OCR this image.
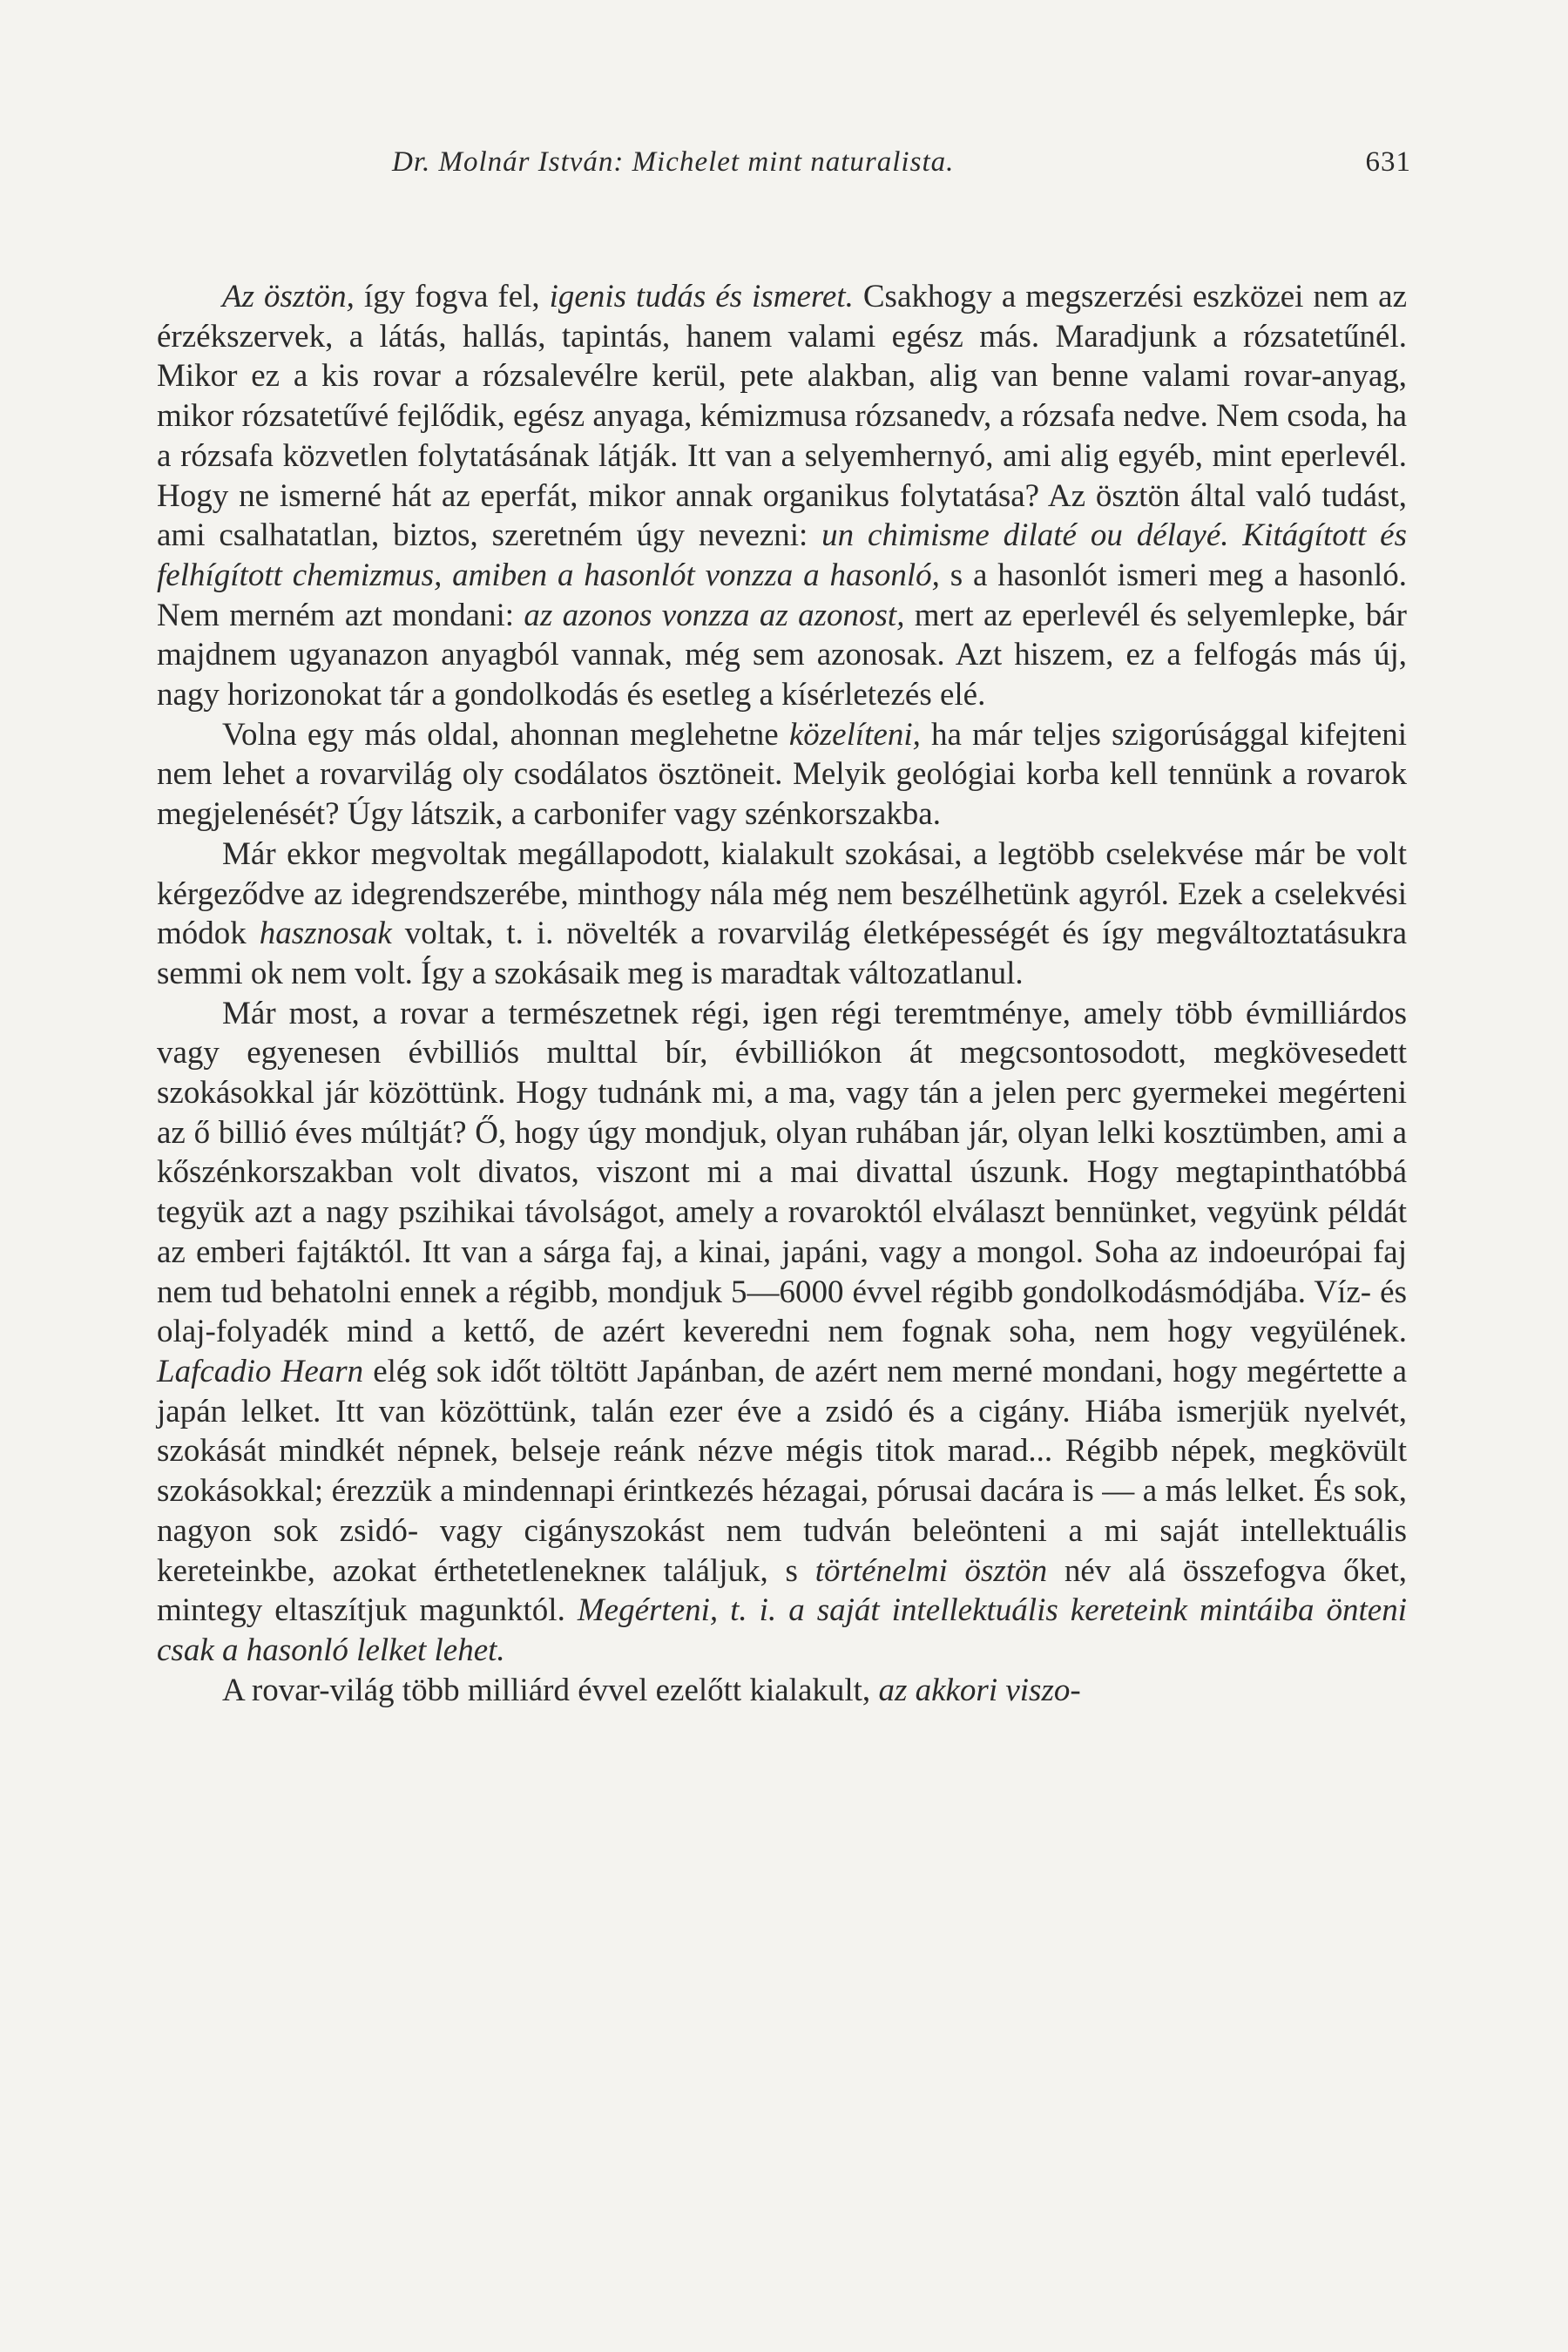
Dr. Molnár István: Michelet mint naturalista.	631

Az ösztön, így fogva fel, igenis tudás és ismeret. Csakhogy a megszerzési eszközei nem az érzékszervek, a látás, hallás, tapintás, hanem valami egész más. Maradjunk a rózsatetűnél. Mikor ez a kis rovar a rózsalevélre kerül, pete alakban, alig van benne valami rovar-anyag, mikor rózsatetűvé fejlődik, egész anyaga, kémizmusa rózsanedv, a rózsafa nedve. Nem csoda, ha a rózsafa közvetlen folytatásának látják. Itt van a selyemhernyó, ami alig egyéb, mint eperlevél. Hogy ne ismerné hát az eperfát, mikor annak organikus folytatása? Az ösztön által való tudást, ami csalhatatlan, biztos, szeretném úgy nevezni: un chimisme dilaté ou délayé. Kitágított és felhígított chemizmus, amiben a hasonlót vonzza a hasonló, s a hasonlót ismeri meg a hasonló. Nem merném azt mondani: az azonos vonzza az azonost, mert az eperlevél és selyemlepke, bár majdnem ugyanazon anyagból vannak, még sem azonosak. Azt hiszem, ez a felfogás más új, nagy horizonokat tár a gondolkodás és esetleg a kísérletezés elé.

Volna egy más oldal, ahonnan meglehetne közelíteni, ha már teljes szigorúsággal kifejteni nem lehet a rovarvilág oly csodálatos ösztöneit. Melyik geológiai korba kell tennünk a rovarok megjelenését? Úgy látszik, a carbonifer vagy szénkorszakba.

Már ekkor megvoltak megállapodott, kialakult szokásai, a legtöbb cselekvése már be volt kérgeződve az idegrendszerébe, minthogy nála még nem beszélhetünk agyról. Ezek a cselekvési módok hasznosak voltak, t. i. növelték a rovarvilág életképességét és így megváltoztatásukra semmi ok nem volt. Így a szokásaik meg is maradtak változatlanul.

Már most, a rovar a természetnek régi, igen régi teremtménye, amely több évmilliárdos vagy egyenesen évbilliós multtal bír, évbilliókon át megcsontosodott, megkövesedett szokásokkal jár közöttünk. Hogy tudnánk mi, a ma, vagy tán a jelen perc gyermekei megérteni az ő billió éves múltját? Ő, hogy úgy mondjuk, olyan ruhában jár, olyan lelki kosztümben, ami a kőszénkorszakban volt divatos, viszont mi a mai divattal úszunk. Hogy megtapinthatóbbá tegyük azt a nagy pszihikai távolságot, amely a rovaroktól elválaszt bennünket, vegyünk példát az emberi fajtáktól. Itt van a sárga faj, a kinai, japáni, vagy a mongol. Soha az indoeurópai faj nem tud behatolni ennek a régibb, mondjuk 5—6000 évvel régibb gondolkodásmódjába. Víz- és olaj-folyadék mind a kettő, de azért keveredni nem fognak soha, nem hogy vegyülének. Lafcadio Hearn elég sok időt töltött Japánban, de azért nem merné mondani, hogy megértette a japán lelket. Itt van közöttünk, talán ezer éve a zsidó és a cigány. Hiába ismerjük nyelvét, szokását mindkét népnek, belseje reánk nézve mégis titok marad... Régibb népek, megkövült szokásokkal; érezzük a mindennapi érintkezés hézagai, pórusai dacára is — a más lelket. És sok, nagyon sok zsidó- vagy cigányszokást nem tudván beleönteni a mi saját intellektuális kereteinkbe, azokat érthetetlenekneк találjuk, s történelmi ösztön név alá összefogva őket, mintegy eltaszítjuk magunktól. Megérteni, t. i. a saját intellektuális kereteink mintáiba önteni csak a hasonló lelket lehet.

A rovar-világ több milliárd évvel ezelőtt kialakult, az akkori viszo-
